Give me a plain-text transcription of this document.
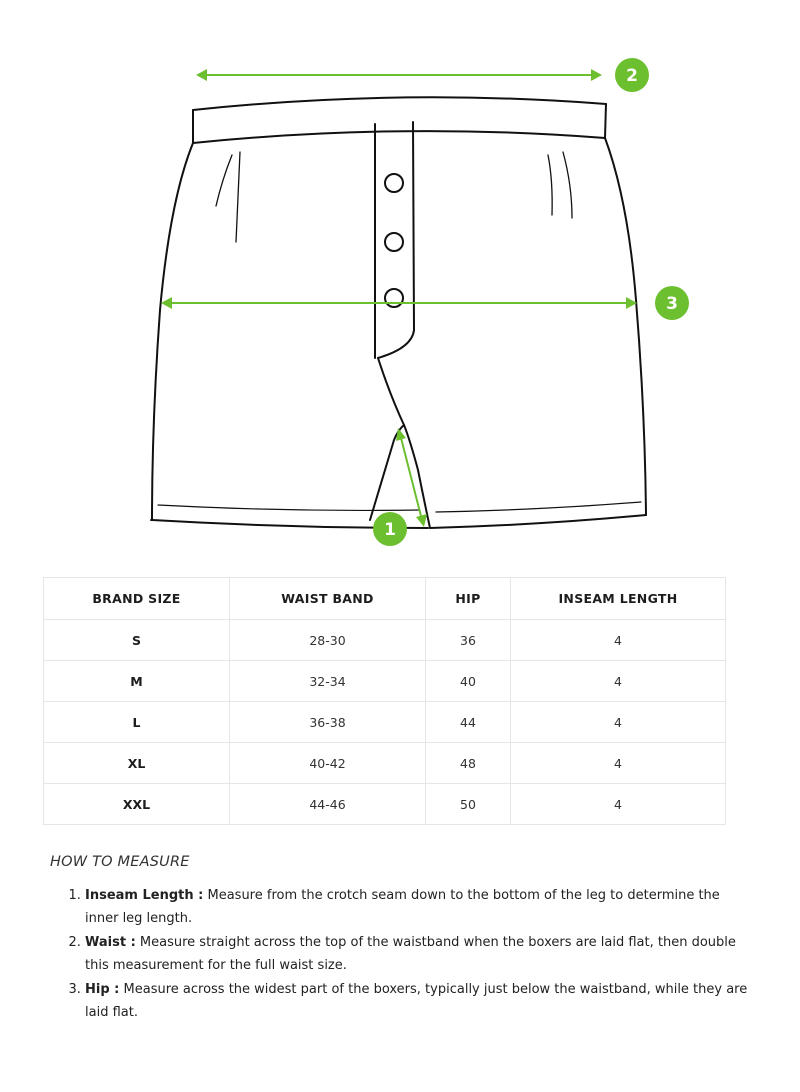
2
3
1
BRAND SIZE	WAIST BAND	HIP	INSEAM LENGTH
S	28-30	36	4
M	32-34	40	4
L	36-38	44	4
XL	40-42	48	4
XXL	44-46	50	4
HOW TO MEASURE
1. Inseam Length : Measure from the crotch seam down to the bottom of the leg to determine the inner leg length.
2. Waist : Measure straight across the top of the waistband when the boxers are laid flat, then double this measurement for the full waist size.
3. Hip : Measure across the widest part of the boxers, typically just below the waistband, while they are laid flat.
